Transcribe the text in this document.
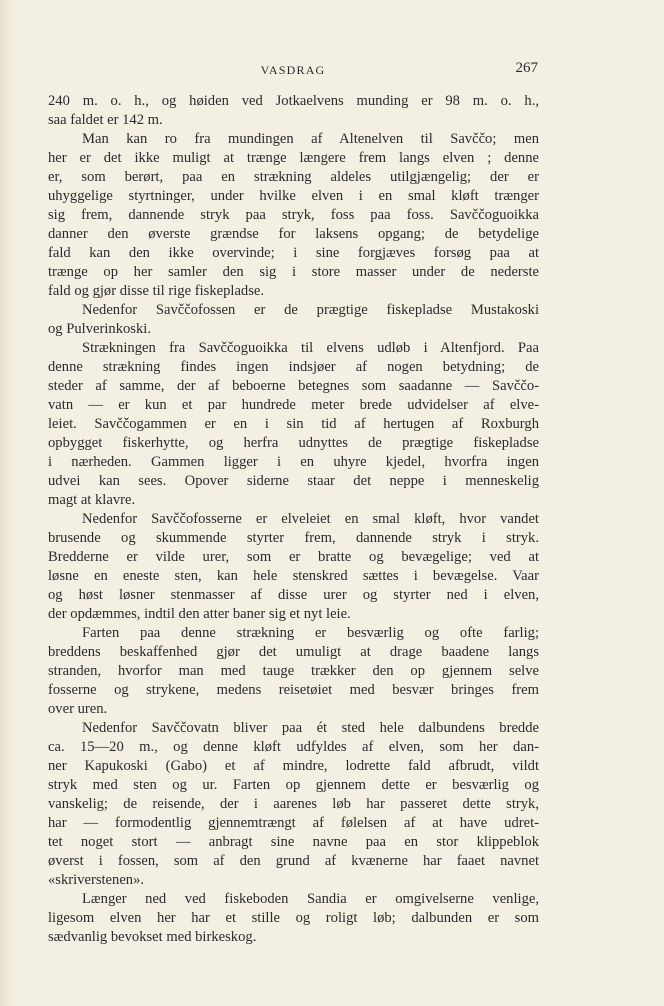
VASDRAG	267
240 m. o. h., og høiden ved Jotkaelvens munding er 98 m. o. h.,
saa faldet er 142 m.
Man kan ro fra mundingen af Altenelven til Savččo; men
her er det ikke muligt at trænge længere frem langs elven ; denne
er, som berørt, paa en strækning aldeles utilgjængelig; der er
uhyggelige styrtninger, under hvilke elven i en smal kløft trænger
sig frem, dannende stryk paa stryk, foss paa foss. Savččoguoikka
danner den øverste grændse for laksens opgang; de betydelige
fald kan den ikke overvinde; i sine forgjæves forsøg paa at
trænge op her samler den sig i store masser under de nederste
fald og gjør disse til rige fiskepladse.
Nedenfor Savččofossen er de prægtige fiskepladse Mustakoski
og Pulverinkoski.
Strækningen fra Savččoguoikka til elvens udløb i Altenfjord. Paa
denne strækning findes ingen indsjøer af nogen betydning; de
steder af samme, der af beboerne betegnes som saadanne — Savččo-
vatn — er kun et par hundrede meter brede udvidelser af elve-
leiet. Savččogammen er en i sin tid af hertugen af Roxburgh
opbygget fiskerhytte, og herfra udnyttes de prægtige fiskepladse
i nærheden. Gammen ligger i en uhyre kjedel, hvorfra ingen
udvei kan sees. Opover siderne staar det neppe i menneskelig
magt at klavre.
Nedenfor Savččofosserne er elveleiet en smal kløft, hvor vandet
brusende og skummende styrter frem, dannende stryk i stryk.
Bredderne er vilde urer, som er bratte og bevægelige; ved at
løsne en eneste sten, kan hele stenskred sættes i bevægelse. Vaar
og høst løsner stenmasser af disse urer og styrter ned i elven,
der opdæmmes, indtil den atter baner sig et nyt leie.
Farten paa denne strækning er besværlig og ofte farlig;
breddens beskaffenhed gjør det umuligt at drage baadene langs
stranden, hvorfor man med tauge trækker den op gjennem selve
fosserne og strykene, medens reisetøiet med besvær bringes frem
over uren.
Nedenfor Savččovatn bliver paa ét sted hele dalbundens bredde
ca. 15—20 m., og denne kløft udfyldes af elven, som her dan-
ner Kapukoski (Gabo) et af mindre, lodrette fald afbrudt, vildt
stryk med sten og ur. Farten op gjennem dette er besværlig og
vanskelig; de reisende, der i aarenes løb har passeret dette stryk,
har — formodentlig gjennemtrængt af følelsen af at have udret-
tet noget stort — anbragt sine navne paa en stor klippeblok
øverst i fossen, som af den grund af kvænerne har faaet navnet
«skriverstenen».
Længer ned ved fiskeboden Sandia er omgivelserne venlige,
ligesom elven her har et stille og roligt løb; dalbunden er som
sædvanlig bevokset med birkeskog.
